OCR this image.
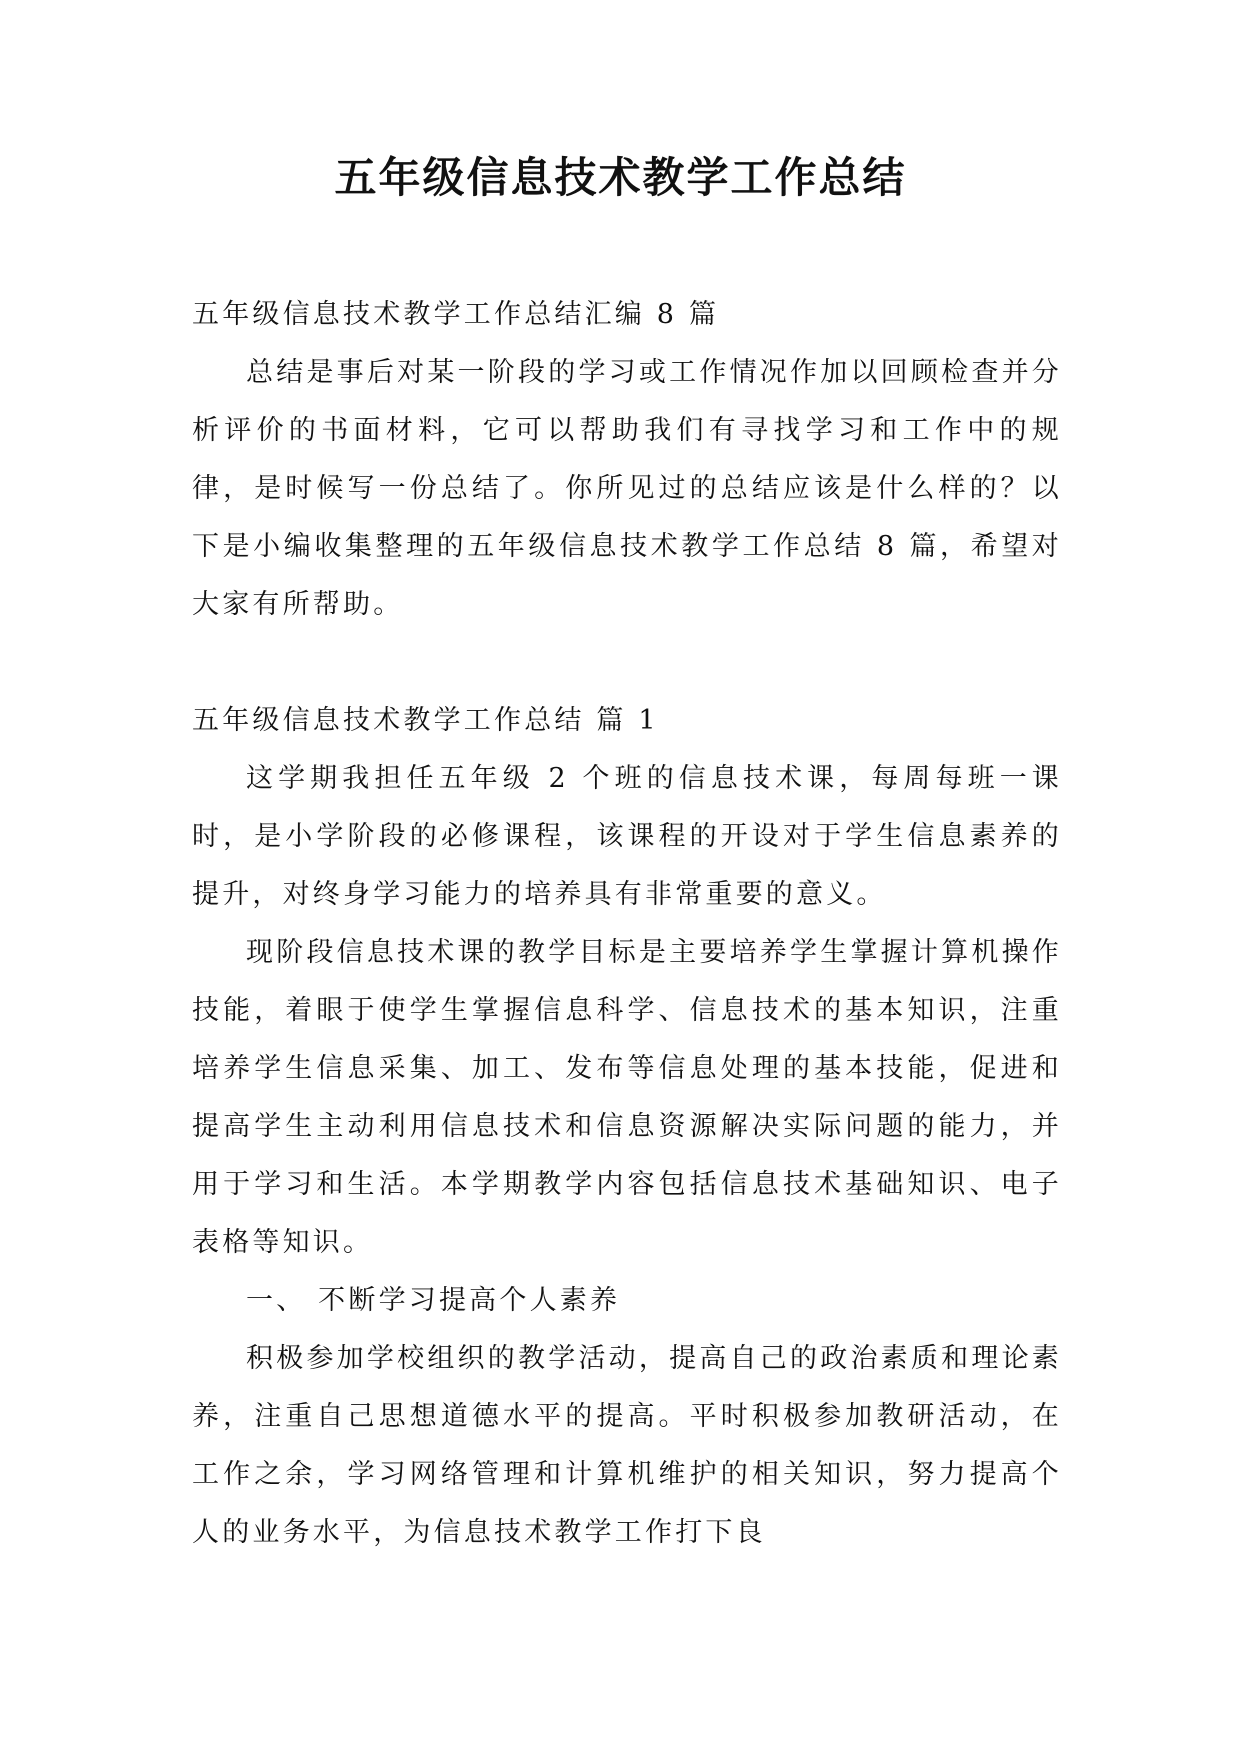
五年级信息技术教学工作总结

五年级信息技术教学工作总结汇编 8 篇

总结是事后对某一阶段的学习或工作情况作加以回顾检查并分析评价的书面材料，它可以帮助我们有寻找学习和工作中的规律，是时候写一份总结了。你所见过的总结应该是什么样的？以下是小编收集整理的五年级信息技术教学工作总结 8 篇，希望对大家有所帮助。

五年级信息技术教学工作总结 篇 1

这学期我担任五年级 2 个班的信息技术课，每周每班一课时，是小学阶段的必修课程，该课程的开设对于学生信息素养的提升，对终身学习能力的培养具有非常重要的意义。

现阶段信息技术课的教学目标是主要培养学生掌握计算机操作技能，着眼于使学生掌握信息科学、信息技术的基本知识，注重培养学生信息采集、加工、发布等信息处理的基本技能，促进和提高学生主动利用信息技术和信息资源解决实际问题的能力，并用于学习和生活。本学期教学内容包括信息技术基础知识、电子表格等知识。

一、 不断学习提高个人素养

积极参加学校组织的教学活动，提高自己的政治素质和理论素养，注重自己思想道德水平的提高。平时积极参加教研活动，在工作之余，学习网络管理和计算机维护的相关知识，努力提高个人的业务水平，为信息技术教学工作打下良
